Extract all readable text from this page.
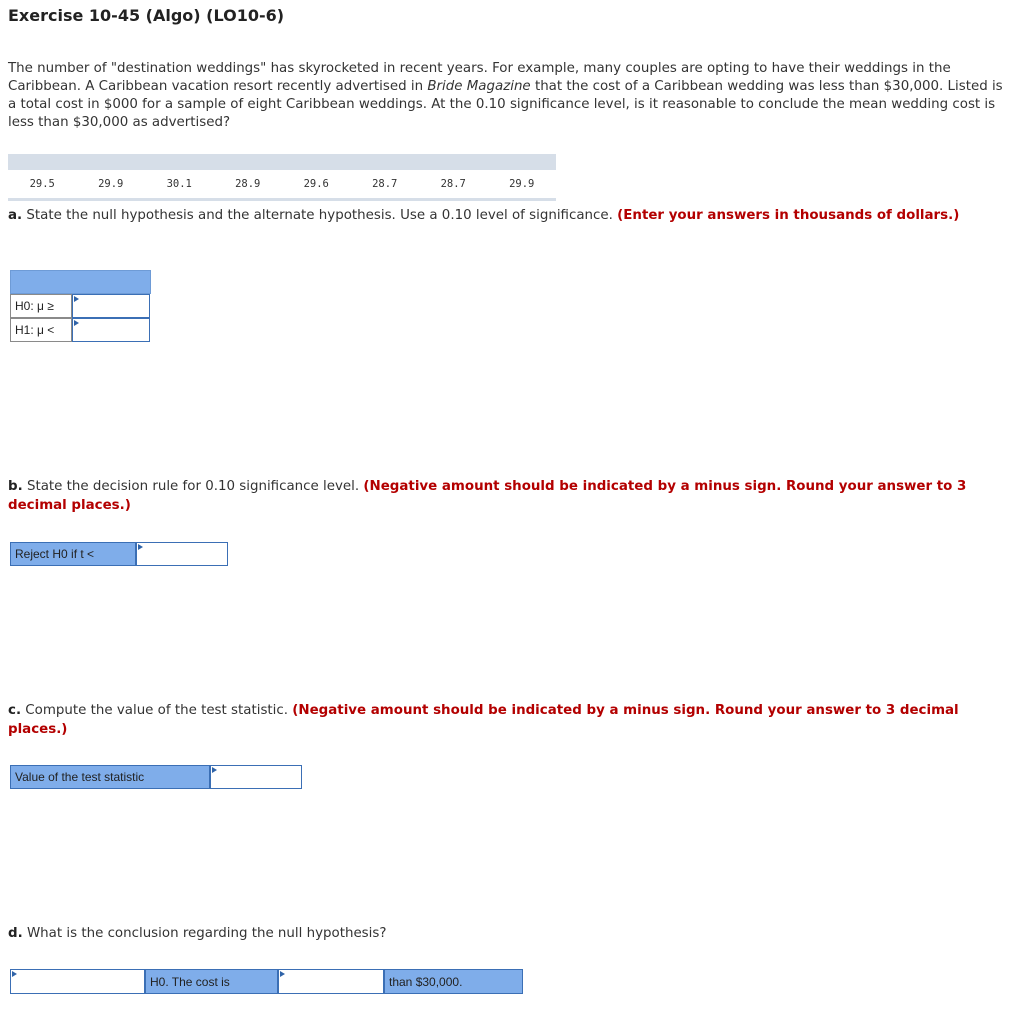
Exercise 10-45 (Algo) (LO10-6)
The number of "destination weddings" has skyrocketed in recent years. For example, many couples are opting to have their weddings in the Caribbean. A Caribbean vacation resort recently advertised in Bride Magazine that the cost of a Caribbean wedding was less than $30,000. Listed is a total cost in $000 for a sample of eight Caribbean weddings. At the 0.10 significance level, is it reasonable to conclude the mean wedding cost is less than $30,000 as advertised?
29.5	29.9	30.1	28.9	29.6	28.7	28.7	29.9
a. State the null hypothesis and the alternate hypothesis. Use a 0.10 level of significance. (Enter your answers in thousands of dollars.)
H0: μ ≥
H1: μ <
b. State the decision rule for 0.10 significance level. (Negative amount should be indicated by a minus sign. Round your answer to 3 decimal places.)
Reject H0 if t <
c. Compute the value of the test statistic. (Negative amount should be indicated by a minus sign. Round your answer to 3 decimal places.)
Value of the test statistic
d. What is the conclusion regarding the null hypothesis?
H0. The cost is	than $30,000.
